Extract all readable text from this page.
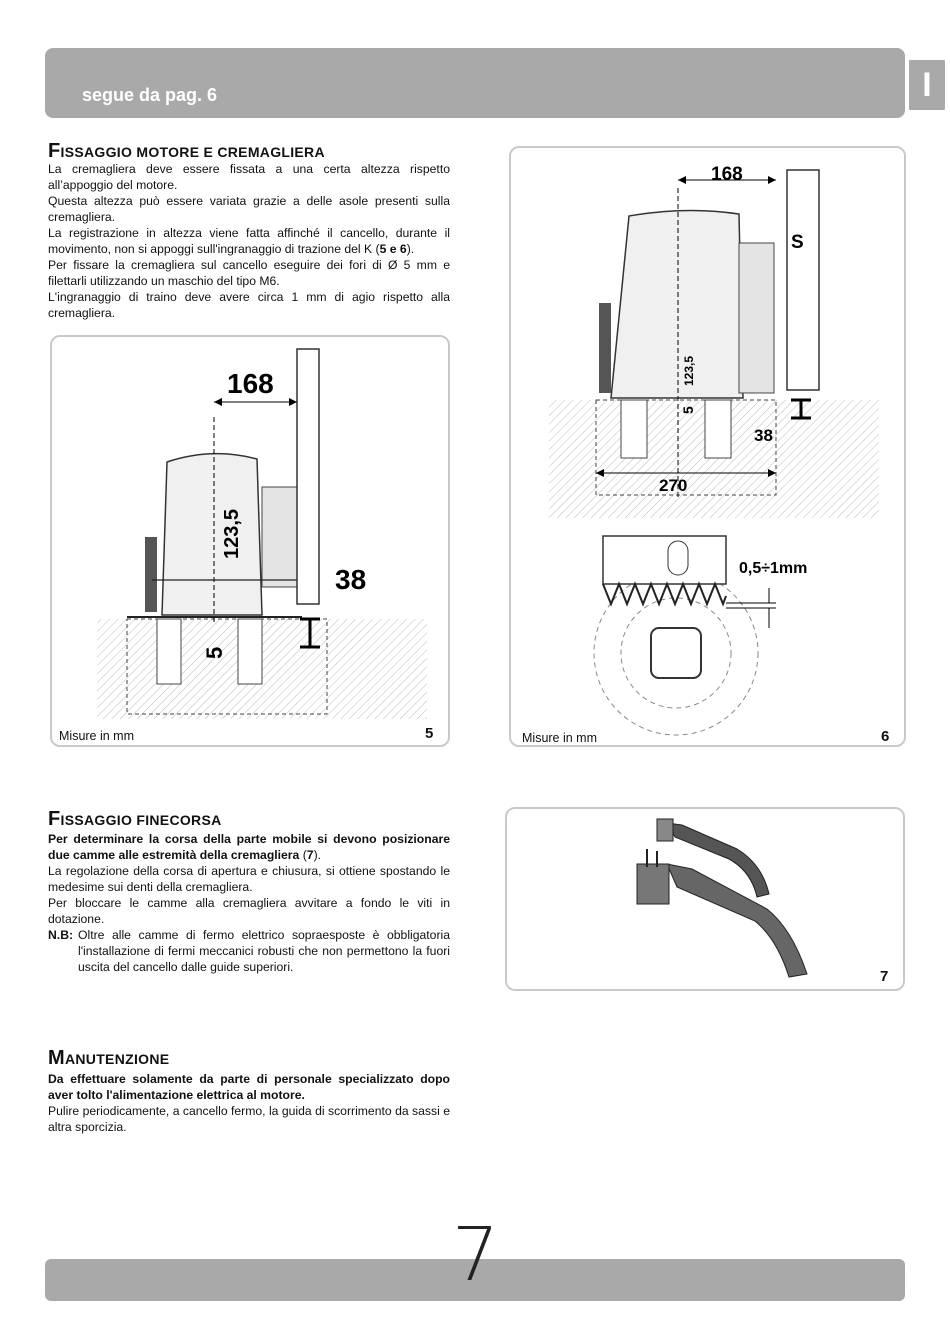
segue da pag. 6	I
FISSAGGIO MOTORE E CREMAGLIERA

La cremagliera deve essere fissata a una certa altezza rispetto all’appoggio del motore.

Questa altezza può essere variata grazie a delle asole presenti sulla cremagliera.

La registrazione in altezza viene fatta affinché il cancello, durante il movimento, non si appoggi sull'ingranaggio di trazione del K (5 e 6).

Per fissare la cremagliera sul cancello eseguire dei fori di Ø 5 mm e filettarli utilizzando un maschio del tipo M6.

L'ingranaggio di traino deve avere circa 1 mm di agio rispetto alla cremagliera.

168
123,5
5
38
Misure in mm	5
168
S
123,5
5
38
270
0,5÷1mm
Misure in mm	6
FISSAGGIO FINECORSA

Per determinare la corsa della parte mobile si devono posizionare due camme alle estremità della cremagliera (7).

La regolazione della corsa di apertura e chiusura, si ottiene spostando le medesime sui denti della cremagliera.

Per bloccare le camme alla cremagliera avvitare a fondo le viti in dotazione.

N.B: Oltre alle camme di fermo elettrico sopraesposte è obbligatoria l'installazione di fermi meccanici robusti che non permettono la fuori uscita del cancello dalle guide superiori.
7
MANUTENZIONE

Da effettuare solamente da parte di personale specializzato dopo aver tolto l'alimentazione elettrica al motore.

Pulire periodicamente, a cancello fermo, la guida di scorrimento da sassi e altra sporcizia.

7
